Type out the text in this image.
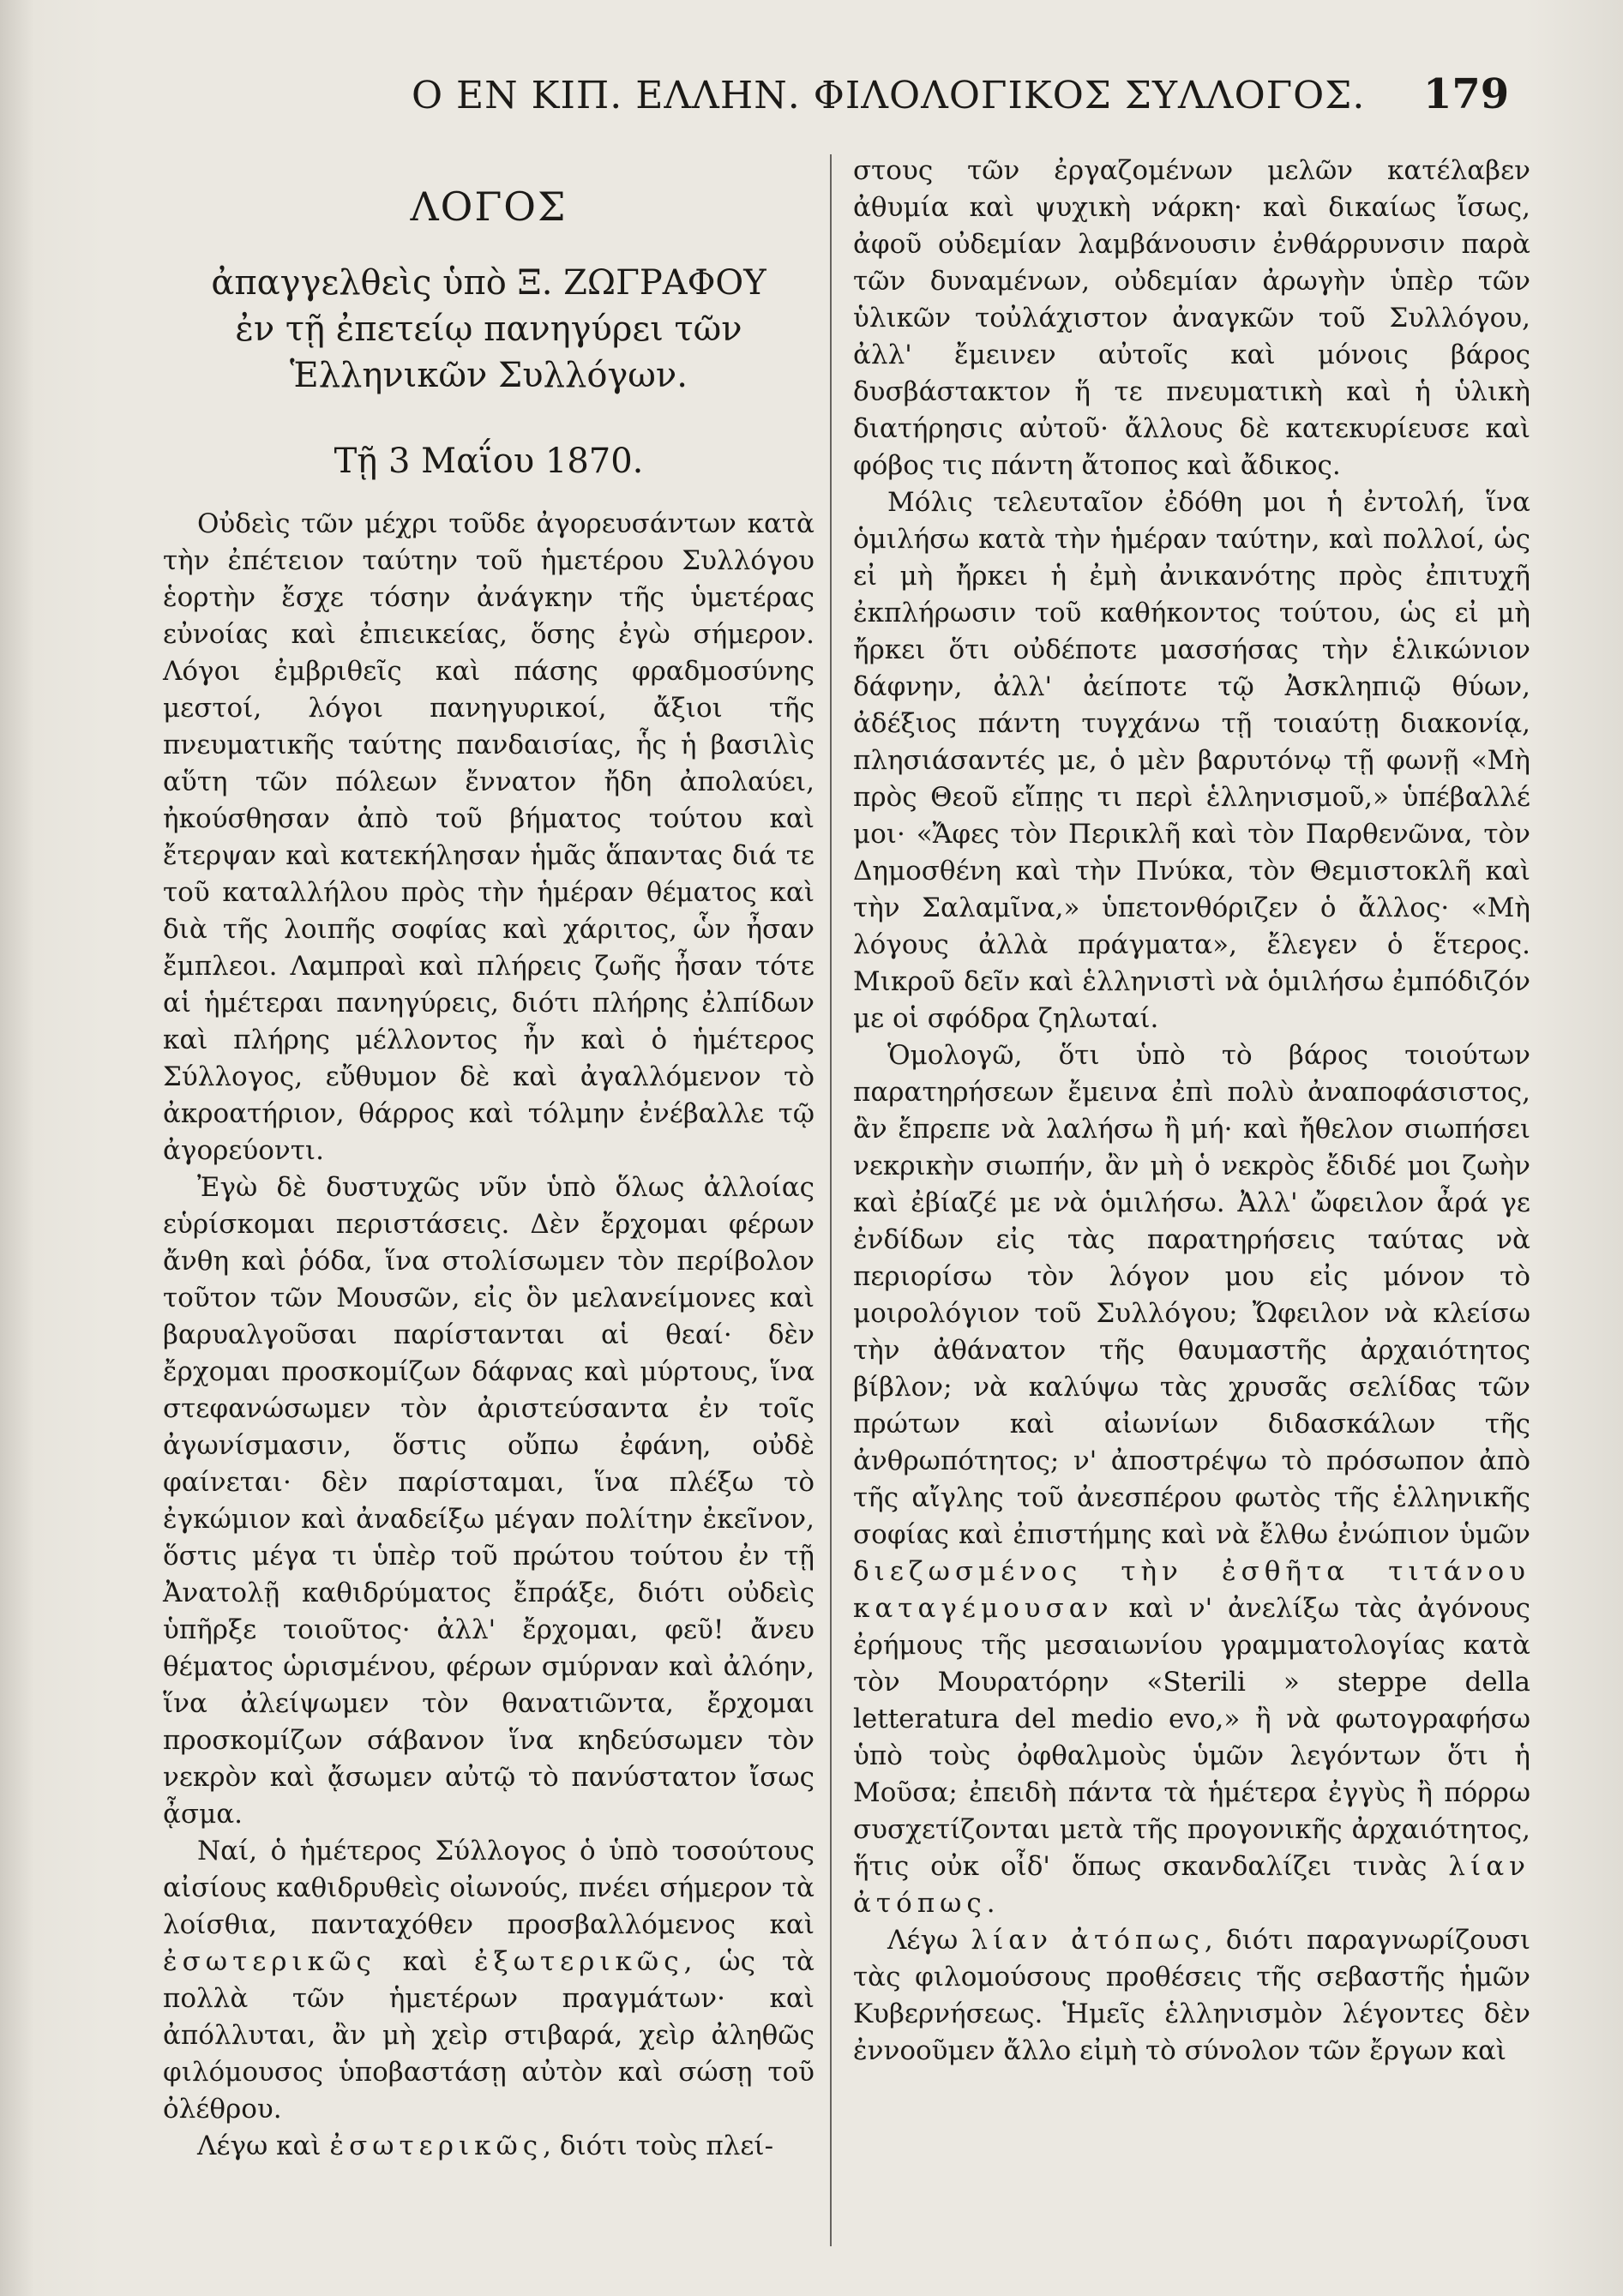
Ο ΕΝ ΚΙΠ. ΕΛΛΗΝ. ΦΙΛΟΛΟΓΙΚΟΣ ΣΥΛΛΟΓΟΣ. 179
ΛΟΓΟΣ
ἀπαγγελθεὶς ὑπὸ Ξ. ΖΩΓΡΑΦΟΥ
ἐν τῇ ἐπετείῳ πανηγύρει τῶν
Ἑλληνικῶν Συλλόγων.
Τῇ 3 Μαΐου 1870.

Οὐδεὶς τῶν μέχρι τοῦδε ἀγορευσάντων κατὰ τὴν ἐπέτειον ταύτην τοῦ ἡμετέρου Συλλόγου ἑορτὴν ἔσχε τόσην ἀνάγκην τῆς ὑμετέρας εὐνοίας καὶ ἐπιεικείας, ὅσης ἐγὼ σήμερον. Λόγοι ἐμβριθεῖς καὶ πάσης φραδμοσύνης μεστοί, λόγοι πανηγυρικοί, ἄξιοι τῆς πνευματικῆς ταύτης πανδαισίας, ἧς ἡ βασιλὶς αὕτη τῶν πόλεων ἔννατον ἤδη ἀπολαύει, ἠκούσθησαν ἀπὸ τοῦ βήματος τούτου καὶ ἔτερψαν καὶ κατεκήλησαν ἡμᾶς ἅπαντας διά τε τοῦ καταλλήλου πρὸς τὴν ἡμέραν θέματος καὶ διὰ τῆς λοιπῆς σοφίας καὶ χάριτος, ὧν ἦσαν ἔμπλεοι. Λαμπραὶ καὶ πλήρεις ζωῆς ἦσαν τότε αἱ ἡμέτεραι πανηγύρεις, διότι πλήρης ἐλπίδων καὶ πλήρης μέλλοντος ἦν καὶ ὁ ἡμέτερος Σύλλογος, εὔθυμον δὲ καὶ ἀγαλλόμενον τὸ ἀκροατήριον, θάρρος καὶ τόλμην ἐνέβαλλε τῷ ἀγορεύοντι.

Ἐγὼ δὲ δυστυχῶς νῦν ὑπὸ ὅλως ἀλλοίας εὑρίσκομαι περιστάσεις. Δὲν ἔρχομαι φέρων ἄνθη καὶ ῥόδα, ἵνα στολίσωμεν τὸν περίβολον τοῦτον τῶν Μουσῶν, εἰς ὃν μελανείμονες καὶ βαρυαλγοῦσαι παρίστανται αἱ θεαί· δὲν ἔρχομαι προσκομίζων δάφνας καὶ μύρτους, ἵνα στεφανώσωμεν τὸν ἀριστεύσαντα ἐν τοῖς ἀγωνίσμασιν, ὅστις οὔπω ἐφάνη, οὐδὲ φαίνεται· δὲν παρίσταμαι, ἵνα πλέξω τὸ ἐγκώμιον καὶ ἀναδείξω μέγαν πολίτην ἐκεῖνον, ὅστις μέγα τι ὑπὲρ τοῦ πρώτου τούτου ἐν τῇ Ἀνατολῇ καθιδρύματος ἔπράξε, διότι οὐδεὶς ὑπῆρξε τοιοῦτος· ἀλλ' ἔρχομαι, φεῦ! ἄνευ θέματος ὡρισμένου, φέρων σμύρναν καὶ ἀλόην, ἵνα ἀλείψωμεν τὸν θανατιῶντα, ἔρχομαι προσκομίζων σάβανον ἵνα κηδεύσωμεν τὸν νεκρὸν καὶ ᾄσωμεν αὐτῷ τὸ πανύστατον ἴσως ᾆσμα.

Ναί, ὁ ἡμέτερος Σύλλογος ὁ ὑπὸ τοσούτους αἰσίους καθιδρυθεὶς οἰωνούς, πνέει σήμερον τὰ λοίσθια, πανταχόθεν προσβαλλόμενος καὶ ἐσωτερικῶς καὶ ἐξωτερικῶς, ὡς τὰ πολλὰ τῶν ἡμετέρων πραγμάτων· καὶ ἀπόλλυται, ἂν μὴ χεὶρ στιβαρά, χεὶρ ἀληθῶς φιλόμουσος ὑποβαστάσῃ αὐτὸν καὶ σώσῃ τοῦ ὀλέθρου.

Λέγω καὶ ἐσωτερικῶς, διότι τοὺς πλεί-

στους τῶν ἐργαζομένων μελῶν κατέλαβεν ἀθυμία καὶ ψυχικὴ νάρκη· καὶ δικαίως ἴσως, ἀφοῦ οὐδεμίαν λαμβάνουσιν ἐνθάρρυνσιν παρὰ τῶν δυναμένων, οὐδεμίαν ἀρωγὴν ὑπὲρ τῶν ὑλικῶν τοὐλάχιστον ἀναγκῶν τοῦ Συλλόγου, ἀλλ' ἔμεινεν αὐτοῖς καὶ μόνοις βάρος δυσβάστακτον ἥ τε πνευματικὴ καὶ ἡ ὑλικὴ διατήρησις αὐτοῦ· ἄλλους δὲ κατεκυρίευσε καὶ φόβος τις πάντη ἄτοπος καὶ ἄδικος.

Μόλις τελευταῖον ἐδόθη μοι ἡ ἐντολή, ἵνα ὁμιλήσω κατὰ τὴν ἡμέραν ταύτην, καὶ πολλοί, ὡς εἰ μὴ ἤρκει ἡ ἐμὴ ἀνικανότης πρὸς ἐπιτυχῆ ἐκπλήρωσιν τοῦ καθήκοντος τούτου, ὡς εἰ μὴ ἤρκει ὅτι οὐδέποτε μασσήσας τὴν ἑλικώνιον δάφνην, ἀλλ' ἀείποτε τῷ Ἀσκληπιῷ θύων, ἀδέξιος πάντη τυγχάνω τῇ τοιαύτῃ διακονίᾳ, πλησιάσαντές με, ὁ μὲν βαρυτόνῳ τῇ φωνῇ «Μὴ πρὸς Θεοῦ εἴπῃς τι περὶ ἑλληνισμοῦ,» ὑπέβαλλέ μοι· «Ἄφες τὸν Περικλῆ καὶ τὸν Παρθενῶνα, τὸν Δημοσθένη καὶ τὴν Πνύκα, τὸν Θεμιστοκλῆ καὶ τὴν Σαλαμῖνα,» ὑπετονθόριζεν ὁ ἄλλος· «Μὴ λόγους ἀλλὰ πράγματα», ἔλεγεν ὁ ἕτερος. Μικροῦ δεῖν καὶ ἑλληνιστὶ νὰ ὁμιλήσω ἐμπόδιζόν με οἱ σφόδρα ζηλωταί.

Ὁμολογῶ, ὅτι ὑπὸ τὸ βάρος τοιούτων παρατηρήσεων ἔμεινα ἐπὶ πολὺ ἀναποφάσιστος, ἂν ἔπρεπε νὰ λαλήσω ἢ μή· καὶ ἤθελον σιωπήσει νεκρικὴν σιωπήν, ἂν μὴ ὁ νεκρὸς ἔδιδέ μοι ζωὴν καὶ ἐβίαζέ με νὰ ὁμιλήσω. Ἀλλ' ὤφειλον ἆρά γε ἐνδίδων εἰς τὰς παρατηρήσεις ταύτας νὰ περιορίσω τὸν λόγον μου εἰς μόνον τὸ μοιρολόγιον τοῦ Συλλόγου; Ὤφειλον νὰ κλείσω τὴν ἀθάνατον τῆς θαυμαστῆς ἀρχαιότητος βίβλον; νὰ καλύψω τὰς χρυσᾶς σελίδας τῶν πρώτων καὶ αἰωνίων διδασκάλων τῆς ἀνθρωπότητος; ν' ἀποστρέψω τὸ πρόσωπον ἀπὸ τῆς αἴγλης τοῦ ἀνεσπέρου φωτὸς τῆς ἑλληνικῆς σοφίας καὶ ἐπιστήμης καὶ νὰ ἔλθω ἐνώπιον ὑμῶν διεζωσμένος τὴν ἐσθῆτα τιτάνου καταγέμουσαν καὶ ν' ἀνελίξω τὰς ἀγόνους ἐρήμους τῆς μεσαιωνίου γραμματολογίας κατὰ τὸν Μουρατόρην «Sterili » steppe della letteratura del medio evo,» ἢ νὰ φωτογραφήσω ὑπὸ τοὺς ὀφθαλμοὺς ὑμῶν λεγόντων ὅτι ἡ Μοῦσα; ἐπειδὴ πάντα τὰ ἡμέτερα ἐγγὺς ἢ πόρρω συσχετίζονται μετὰ τῆς προγονικῆς ἀρχαιότητος, ἥτις οὐκ οἶδ' ὅπως σκανδαλίζει τινὰς λίαν ἀτόπως.

Λέγω λίαν ἀτόπως, διότι παραγνωρίζουσι τὰς φιλομούσους προθέσεις τῆς σεβαστῆς ἡμῶν Κυβερνήσεως. Ἡμεῖς ἑλληνισμὸν λέγοντες δὲν ἐννοοῦμεν ἄλλο εἰμὴ τὸ σύνολον τῶν ἔργων καὶ
